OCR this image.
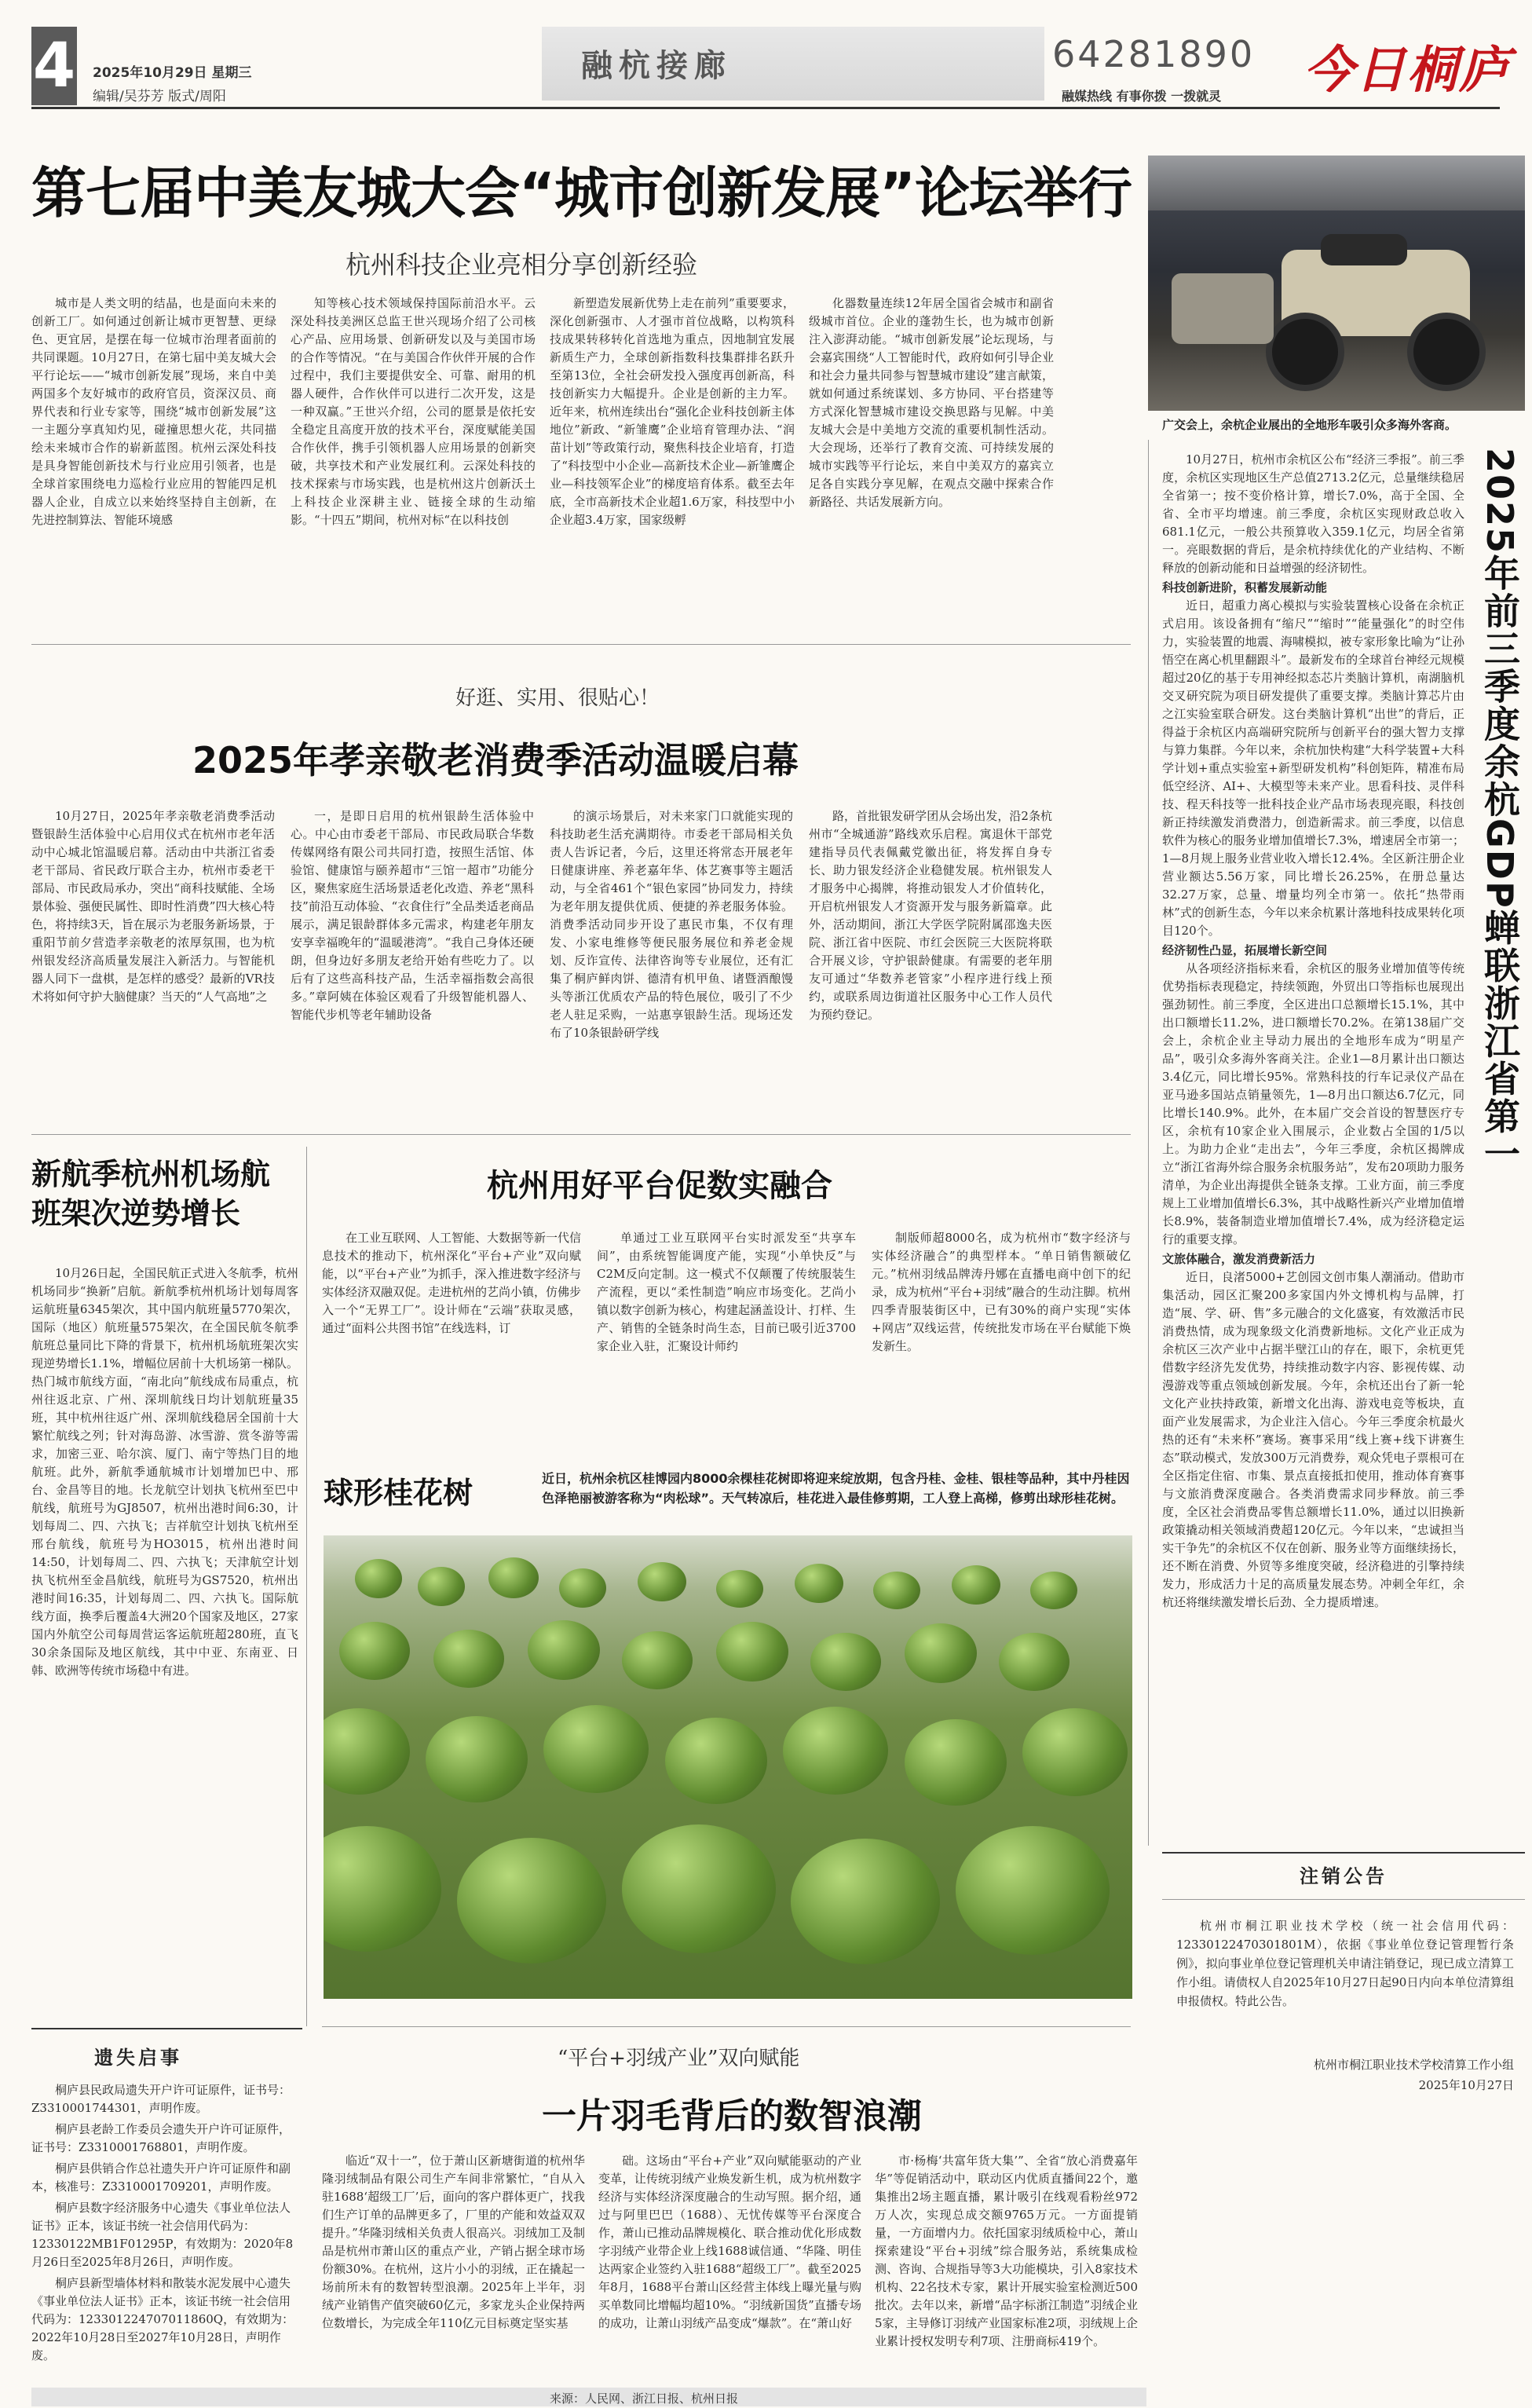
4 2025年10月29日 星期三
编辑/吴芬芳 版式/周阳
融杭接廊	64281890
融媒热线 有事你拨 一拨就灵 今日桐庐
第七届中美友城大会“城市创新发展”论坛举行
杭州科技企业亮相分享创新经验

城市是人类文明的结晶，也是面向未来的创新工厂。如何通过创新让城市更智慧、更绿色、更宜居，是摆在每一位城市治理者面前的共同课题。10月27日，在第七届中美友城大会平行论坛——“城市创新发展”现场，来自中美两国多个友好城市的政府官员，资深汉员、商界代表和行业专家等，围绕“城市创新发展”这一主题分享真知灼见，碰撞思想火花，共同描绘未来城市合作的崭新蓝图。杭州云深处科技是具身智能创新技术与行业应用引领者，也是全球首家围绕电力巡检行业应用的智能四足机器人企业，自成立以来始终坚持自主创新，在先进控制算法、智能环境感

知等核心技术领域保持国际前沿水平。云深处科技美洲区总监王世兴现场介绍了公司核心产品、应用场景、创新研发以及与美国市场的合作等情况。“在与美国合作伙伴开展的合作过程中，我们主要提供安全、可靠、耐用的机器人硬件，合作伙伴可以进行二次开发，这是一种双赢。”王世兴介绍，公司的愿景是依托安全稳定且高度开放的技术平台，深度赋能美国合作伙伴，携手引领机器人应用场景的创新突破，共享技术和产业发展红利。云深处科技的技术探索与市场实践，也是杭州这片创新沃土上科技企业深耕主业、链接全球的生动缩影。“十四五”期间，杭州对标“在以科技创

新塑造发展新优势上走在前列”重要要求，深化创新强市、人才强市首位战略，以构筑科技成果转移转化首选地为重点，因地制宜发展新质生产力，全球创新指数科技集群排名跃升至第13位，全社会研发投入强度再创新高，科技创新实力大幅提升。企业是创新的主力军。近年来，杭州连续出台“强化企业科技创新主体地位”新政、“新雏鹰”企业培育管理办法、“润苗计划”等政策行动，聚焦科技企业培育，打造了“科技型中小企业—高新技术企业—新雏鹰企业—科技领军企业”的梯度培育体系。截至去年底，全市高新技术企业超1.6万家，科技型中小企业超3.4万家，国家级孵

化器数量连续12年居全国省会城市和副省级城市首位。企业的蓬勃生长，也为城市创新注入澎湃动能。“城市创新发展”论坛现场，与会嘉宾围绕“人工智能时代，政府如何引导企业和社会力量共同参与智慧城市建设”建言献策，就如何通过系统谋划、多方协同、平台搭建等方式深化智慧城市建设交换思路与见解。中美友城大会是中美地方交流的重要机制性活动。大会现场，还举行了教育交流、可持续发展的城市实践等平行论坛，来自中美双方的嘉宾立足各自实践分享见解，在观点交融中探索合作新路径、共话发展新方向。

广交会上，余杭企业展出的全地形车吸引众多海外客商。
2025年前三季度余杭GDP蝉联浙江省第一

10月27日，杭州市余杭区公布“经济三季报”。前三季度，余杭区实现地区生产总值2713.2亿元，总量继续稳居全省第一；按不变价格计算，增长7.0%，高于全国、全省、全市平均增速。前三季度，余杭区实现财政总收入681.1亿元，一般公共预算收入359.1亿元，均居全省第一。亮眼数据的背后，是余杭持续优化的产业结构、不断释放的创新动能和日益增强的经济韧性。

科技创新进阶，积蓄发展新动能

近日，超重力离心模拟与实验装置核心设备在余杭正式启用。该设备拥有“缩尺”“缩时”“能量强化”的时空伟力，实验装置的地震、海啸模拟，被专家形象比喻为“让孙悟空在离心机里翻跟斗”。最新发布的全球首台神经元规模超过20亿的基于专用神经拟态芯片类脑计算机，南湖脑机交叉研究院为项目研发提供了重要支撑。类脑计算芯片由之江实验室联合研发。这台类脑计算机“出世”的背后，正得益于余杭区内高端研究院所与创新平台的强大智力支撑与算力集群。今年以来，余杭加快构建“大科学装置+大科学计划+重点实验室+新型研发机构”科创矩阵，精准布局低空经济、AI+、大模型等未来产业。思看科技、灵伴科技、程天科技等一批科技企业产品市场表现亮眼，科技创新正持续激发消费潜力，创造新需求。前三季度，以信息软件为核心的服务业增加值增长7.3%，增速居全市第一；1—8月规上服务业营业收入增长12.4%。全区新注册企业营业额达5.56万家，同比增长26.25%，在册总量达32.27万家，总量、增量均列全市第一。依托“热带雨林”式的创新生态，今年以来余杭累计落地科技成果转化项目120个。

经济韧性凸显，拓展增长新空间

从各项经济指标来看，余杭区的服务业增加值等传统优势指标表现稳定，持续领跑，外贸出口等指标也展现出强劲韧性。前三季度，全区进出口总额增长15.1%，其中出口额增长11.2%，进口额增长70.2%。在第138届广交会上，余杭企业主导动力展出的全地形车成为“明星产品”，吸引众多海外客商关注。企业1—8月累计出口额达3.4亿元，同比增长95%。常熟科技的行车记录仪产品在亚马逊多国站点销量领先，1—8月出口额达6.7亿元，同比增长140.9%。此外，在本届广交会首设的智慧医疗专区，余杭有10家企业入围展示，企业数占全国的1/5以上。为助力企业“走出去”，今年三季度，余杭区揭牌成立“浙江省海外综合服务余杭服务站”，发布20项助力服务清单，为企业出海提供全链条支撑。工业方面，前三季度规上工业增加值增长6.3%，其中战略性新兴产业增加值增长8.9%，装备制造业增加值增长7.4%，成为经济稳定运行的重要支撑。

文旅体融合，激发消费新活力

近日，良渚5000+艺创园文创市集人潮涌动。借助市集活动，园区汇聚200多家国内外文博机构与品牌，打造“展、学、研、售”多元融合的文化盛宴，有效激活市民消费热情，成为现象级文化消费新地标。文化产业正成为余杭区三次产业中占据半壁江山的存在，眼下，余杭更凭借数字经济先发优势，持续推动数字内容、影视传媒、动漫游戏等重点领域创新发展。今年，余杭还出台了新一轮文化产业扶持政策，新增文化出海、游戏电竞等板块，直面产业发展需求，为企业注入信心。今年三季度余杭最火热的还有“未来杯”赛场。赛事采用“线上赛+线下讲赛生态”联动模式，发放300万元消费券，观众凭电子票根可在全区指定住宿、市集、景点直接抵扣使用，推动体育赛事与文旅消费深度融合。各类消费需求同步释放。前三季度，全区社会消费品零售总额增长11.0%，通过以旧换新政策撬动相关领域消费超120亿元。今年以来，“忠诚担当实干争先”的余杭区不仅在创新、服务业等方面继续扬长，还不断在消费、外贸等多维度突破，经济稳进的引擎持续发力，形成活力十足的高质量发展态势。冲刺全年红，余杭还将继续激发增长后劲、全力提质增速。

好逛、实用、很贴心！
2025年孝亲敬老消费季活动温暖启幕

10月27日，2025年孝亲敬老消费季活动暨银龄生活体验中心启用仪式在杭州市老年活动中心城北馆温暖启幕。活动由中共浙江省委老干部局、省民政厅联合主办，杭州市委老干部局、市民政局承办，突出“商科技赋能、全场景体验、强便民属性、即时性消费”四大核心特色，将持续3天，旨在展示为老服务新场景，于重阳节前夕营造孝亲敬老的浓厚氛围，也为杭州银发经济高质量发展注入新活力。与智能机器人同下一盘棋，是怎样的感受？最新的VR技术将如何守护大脑健康？当天的“人气高地”之

一，是即日启用的杭州银龄生活体验中心。中心由市委老干部局、市民政局联合华数传媒网络有限公司共同打造，按照生活馆、体验馆、健康馆与颐养超市“三馆一超市”功能分区，聚焦家庭生活场景适老化改造、养老“黑科技”前沿互动体验、“衣食住行”全品类适老商品展示，满足银龄群体多元需求，构建老年朋友安享幸福晚年的“温暖港湾”。“我自己身体还硬朗，但身边好多朋友老给开始有些吃力了。以后有了这些高科技产品，生活幸福指数会高很多。”章阿姨在体验区观看了升级智能机器人、智能代步机等老年辅助设备

的演示场景后，对未来家门口就能实现的科技助老生活充满期待。市委老干部局相关负责人告诉记者，今后，这里还将常态开展老年日健康讲座、养老嘉年华、体艺赛事等主题活动，与全省461个“银色家园”协同发力，持续为老年朋友提供优质、便捷的养老服务体验。消费季活动同步开设了惠民市集，不仅有理发、小家电维修等便民服务展位和养老金规划、反诈宣传、法律咨询等专业展位，还有汇集了桐庐鲜肉饼、德清有机甲鱼、诸暨酒酿馒头等浙江优质农产品的特色展位，吸引了不少老人驻足采购，一站惠享银龄生活。现场还发布了10条银龄研学线

路，首批银发研学团从会场出发，沿2条杭州市“全城通游”路线欢乐启程。寓退休干部党建指导员代表佩戴党徽出征，将发挥自身专长、助力银发经济企业稳健发展。杭州银发人才服务中心揭牌，将推动银发人才价值转化，开启杭州银发人才资源开发与服务新篇章。此外，活动期间，浙江大学医学院附属邵逸夫医院、浙江省中医院、市红会医院三大医院将联合开展义诊，守护银龄健康。有需要的老年朋友可通过“华数养老管家”小程序进行线上预约，或联系周边街道社区服务中心工作人员代为预约登记。

新航季杭州机场航班架次逆势增长

10月26日起，全国民航正式进入冬航季，杭州机场同步“换新”启航。新航季杭州机场计划每周客运航班量6345架次，其中国内航班量5770架次，国际（地区）航班量575架次，在全国民航冬航季航班总量同比下降的背景下，杭州机场航班架次实现逆势增长1.1%，增幅位居前十大机场第一梯队。热门城市航线方面，“南北向”航线成布局重点，杭州往返北京、广州、深圳航线日均计划航班量35班，其中杭州往返广州、深圳航线稳居全国前十大繁忙航线之列；针对海岛游、冰雪游、赏冬游等需求，加密三亚、哈尔滨、厦门、南宁等热门目的地航班。此外，新航季通航城市计划增加巴中、邢台、金昌等目的地。长龙航空计划执飞杭州至巴中航线，航班号为GJ8507，杭州出港时间6:30，计划每周二、四、六执飞；吉祥航空计划执飞杭州至邢台航线，航班号为HO3015，杭州出港时间14:50，计划每周二、四、六执飞；天津航空计划执飞杭州至金昌航线，航班号为GS7520，杭州出港时间16:35，计划每周二、四、六执飞。国际航线方面，换季后覆盖4大洲20个国家及地区，27家国内外航空公司每周营运客运航班超280班，直飞30余条国际及地区航线，其中中亚、东南亚、日韩、欧洲等传统市场稳中有进。

杭州用好平台促数实融合

在工业互联网、人工智能、大数据等新一代信息技术的推动下，杭州深化“平台+产业”双向赋能，以“平台+产业”为抓手，深入推进数字经济与实体经济双融双促。走进杭州的艺尚小镇，仿佛步入一个“无界工厂”。设计师在“云端”获取灵感，通过“面料公共图书馆”在线选料，订

单通过工业互联网平台实时派发至“共享车间”，由系统智能调度产能，实现“小单快反”与C2M反向定制。这一模式不仅颠覆了传统服装生产流程，更以“柔性制造”响应市场变化。艺尚小镇以数字创新为核心，构建起涵盖设计、打样、生产、销售的全链条时尚生态，目前已吸引近3700家企业入驻，汇聚设计师约

制版师超8000名，成为杭州市“数字经济与实体经济融合”的典型样本。“单日销售额破亿元。”杭州羽绒品牌涛丹娜在直播电商中创下的纪录，成为杭州“平台+羽绒”融合的生动注脚。杭州四季青服装街区中，已有30%的商户实现“实体+网店”双线运营，传统批发市场在平台赋能下焕发新生。

球形桂花树	近日，杭州余杭区桂博园内8000余棵桂花树即将迎来绽放期，包含丹桂、金桂、银桂等品种，其中丹桂因色泽艳丽被游客称为“肉松球”。天气转凉后，桂花进入最佳修剪期，工人登上高梯，修剪出球形桂花树。
遗失启事

桐庐县民政局遗失开户许可证原件，证书号：Z3310001744301，声明作废。

桐庐县老龄工作委员会遗失开户许可证原件，证书号：Z3310001768801，声明作废。

桐庐县供销合作总社遗失开户许可证原件和副本，核准号：Z3310001709201，声明作废。

桐庐县数字经济服务中心遗失《事业单位法人证书》正本，该证书统一社会信用代码为：12330122MB1F01295P，有效期为：2020年8月26日至2025年8月26日，声明作废。

桐庐县新型墙体材料和散装水泥发展中心遗失《事业单位法人证书》正本，该证书统一社会信用代码为：123301224707011860Q，有效期为：2022年10月28日至2027年10月28日，声明作废。

“平台+羽绒产业”双向赋能
一片羽毛背后的数智浪潮

临近“双十一”，位于萧山区新塘街道的杭州华隆羽绒制品有限公司生产车间非常繁忙，“自从入驻1688‘超级工厂’后，面向的客户群体更广，找我们生产订单的品牌更多了，厂里的产能和效益双双提升。”华隆羽绒相关负责人很高兴。羽绒加工及制品是杭州市萧山区的重点产业，产销占据全球市场份额30%。在杭州，这片小小的羽绒，正在撬起一场前所未有的数智转型浪潮。2025年上半年，羽绒产业销售产值突破60亿元，多家龙头企业保持两位数增长，为完成全年110亿元目标奠定坚实基

础。这场由“平台+产业”双向赋能驱动的产业变革，让传统羽绒产业焕发新生机，成为杭州数字经济与实体经济深度融合的生动写照。据介绍，通过与阿里巴巴（1688）、无忧传媒等平台深度合作，萧山已推动品牌规模化、联合推动优化形成数字羽绒产业带企业上线1688诚信通、“华隆、明佳达两家企业签约入驻1688“超级工厂”。截至2025年8月，1688平台萧山区经营主体线上曝光量与购买单数同比增幅均超10%。“羽绒新国货”直播专场的成功，让萧山羽绒产品变成“爆款”。在“萧山好

市·杨梅‘共富年货大集’”、全省“放心消费嘉年华”等促销活动中，联动区内优质直播间22个，邀集推出2场主题直播，累计吸引在线观看粉丝972万人次，实现总成交额9765万元。一方面提销量，一方面增内力。依托国家羽绒质检中心，萧山探索建设“平台+羽绒”综合服务站，系统集成检测、咨询、合规指导等3大功能模块，引入8家技术机构、22名技术专家，累计开展实验室检测近500批次。去年以来，新增“品字标浙江制造”羽绒企业5家，主导修订羽绒产业国家标准2项，羽绒规上企业累计授权发明专利7项、注册商标419个。

注销公告
杭州市桐江职业技术学校（统一社会信用代码：12330122470301801M），依据《事业单位登记管理暂行条例》，拟向事业单位登记管理机关申请注销登记，现已成立清算工作小组。请债权人自2025年10月27日起90日内向本单位清算组申报债权。特此公告。
杭州市桐江职业技术学校清算工作小组
2025年10月27日
来源：人民网、浙江日报、杭州日报
